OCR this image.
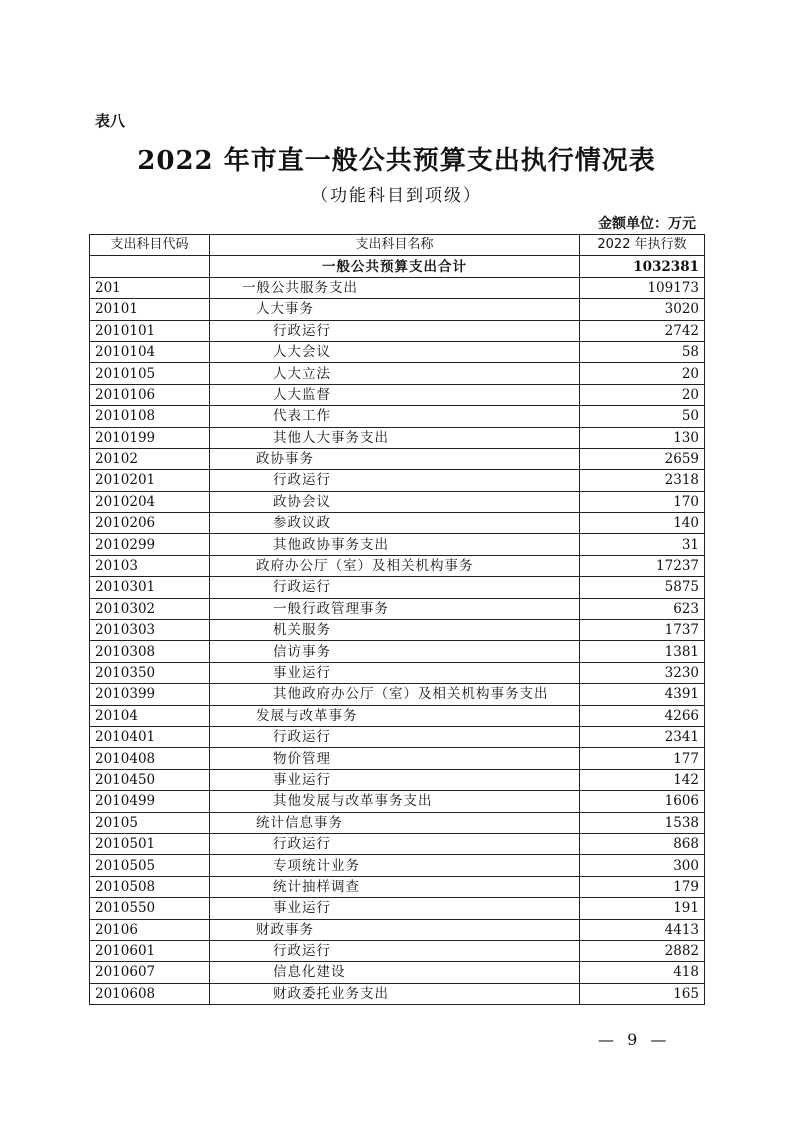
表八
2022 年市直一般公共预算支出执行情况表
（功能科目到项级）
金额单位：万元
支出科目代码	支出科目名称	2022 年执行数
	一般公共预算支出合计	1032381
201	一般公共服务支出	109173
20101	人大事务	3020
2010101	行政运行	2742
2010104	人大会议	58
2010105	人大立法	20
2010106	人大监督	20
2010108	代表工作	50
2010199	其他人大事务支出	130
20102	政协事务	2659
2010201	行政运行	2318
2010204	政协会议	170
2010206	参政议政	140
2010299	其他政协事务支出	31
20103	政府办公厅（室）及相关机构事务	17237
2010301	行政运行	5875
2010302	一般行政管理事务	623
2010303	机关服务	1737
2010308	信访事务	1381
2010350	事业运行	3230
2010399	其他政府办公厅（室）及相关机构事务支出	4391
20104	发展与改革事务	4266
2010401	行政运行	2341
2010408	物价管理	177
2010450	事业运行	142
2010499	其他发展与改革事务支出	1606
20105	统计信息事务	1538
2010501	行政运行	868
2010505	专项统计业务	300
2010508	统计抽样调查	179
2010550	事业运行	191
20106	财政事务	4413
2010601	行政运行	2882
2010607	信息化建设	418
2010608	财政委托业务支出	165
— 9 —
